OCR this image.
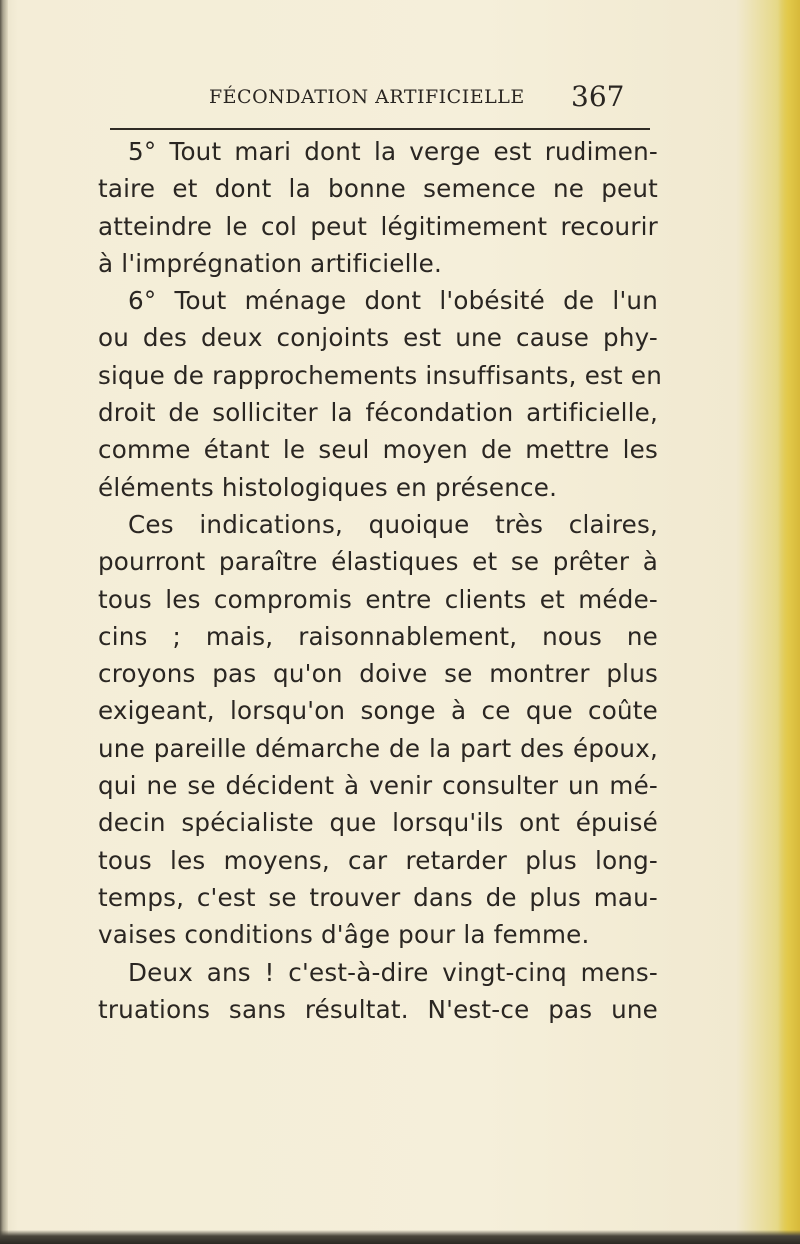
FÉCONDATION ARTIFICIELLE 367
5° Tout mari dont la verge est rudimen-
taire et dont la bonne semence ne peut
atteindre le col peut légitimement recourir
à l'imprégnation artificielle.
6° Tout ménage dont l'obésité de l'un
ou des deux conjoints est une cause phy-
sique de rapprochements insuffisants, est en
droit de solliciter la fécondation artificielle,
comme étant le seul moyen de mettre les
éléments histologiques en présence.
Ces indications, quoique très claires,
pourront paraître élastiques et se prêter à
tous les compromis entre clients et méde-
cins ; mais, raisonnablement, nous ne
croyons pas qu'on doive se montrer plus
exigeant, lorsqu'on songe à ce que coûte
une pareille démarche de la part des époux,
qui ne se décident à venir consulter un mé-
decin spécialiste que lorsqu'ils ont épuisé
tous les moyens, car retarder plus long-
temps, c'est se trouver dans de plus mau-
vaises conditions d'âge pour la femme.
Deux ans ! c'est-à-dire vingt-cinq mens-
truations sans résultat. N'est-ce pas une
